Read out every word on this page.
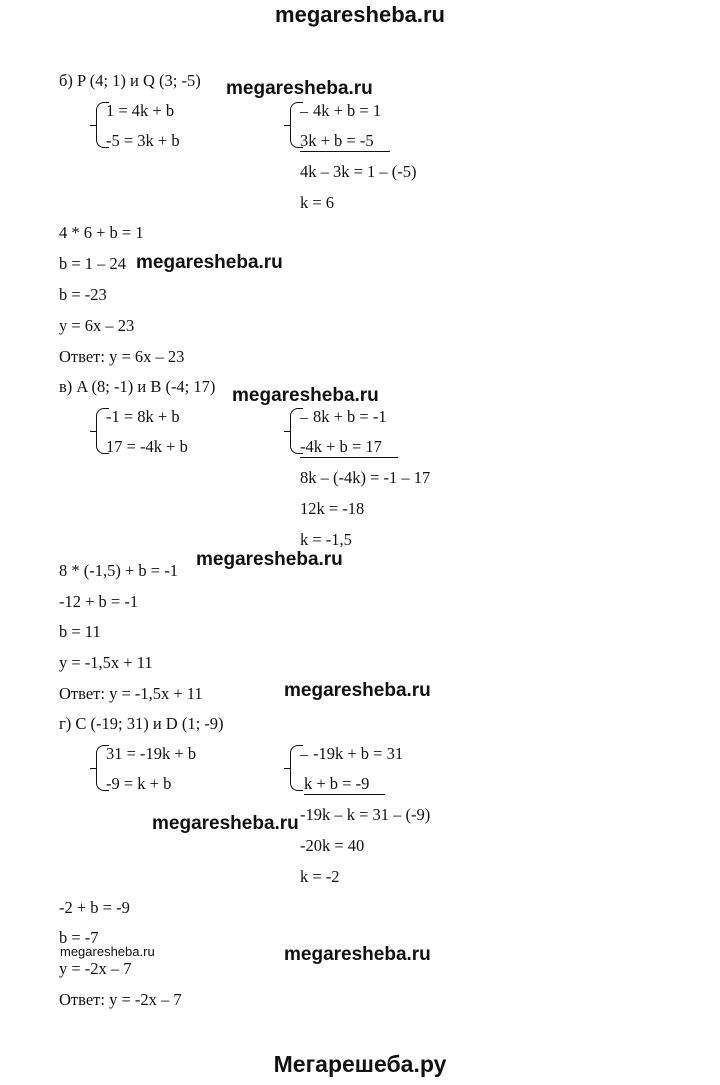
megaresheba.ru
б) P (4; 1) и Q (3; -5)
1 = 4k + b
-5 = 3k + b
_ 4k + b = 1
3k + b = -5
4k – 3k = 1 – (-5)
k = 6
4 * 6 + b = 1
b = 1 – 24
b = -23
y = 6x – 23
Ответ: y = 6x – 23
в) A (8; -1) и B (-4; 17)
-1 = 8k + b
17 = -4k + b
_ 8k + b = -1
-4k + b = 17
8k – (-4k) = -1 – 17
12k = -18
k = -1,5
8 * (-1,5) + b = -1
-12 + b = -1
b = 11
y = -1,5x + 11
Ответ: y = -1,5x + 11
г) C (-19; 31) и D (1; -9)
31 = -19k + b
-9 = k + b
_ -19k + b = 31
k + b = -9
-19k – k = 31 – (-9)
-20k = 40
k = -2
-2 + b = -9
b = -7
y = -2x – 7
Ответ: y = -2x – 7
megaresheba.ru
megaresheba.ru
megaresheba.ru
megaresheba.ru
megaresheba.ru
megaresheba.ru
megaresheba.ru	megaresheba.ru
Мегарешеба.ру
